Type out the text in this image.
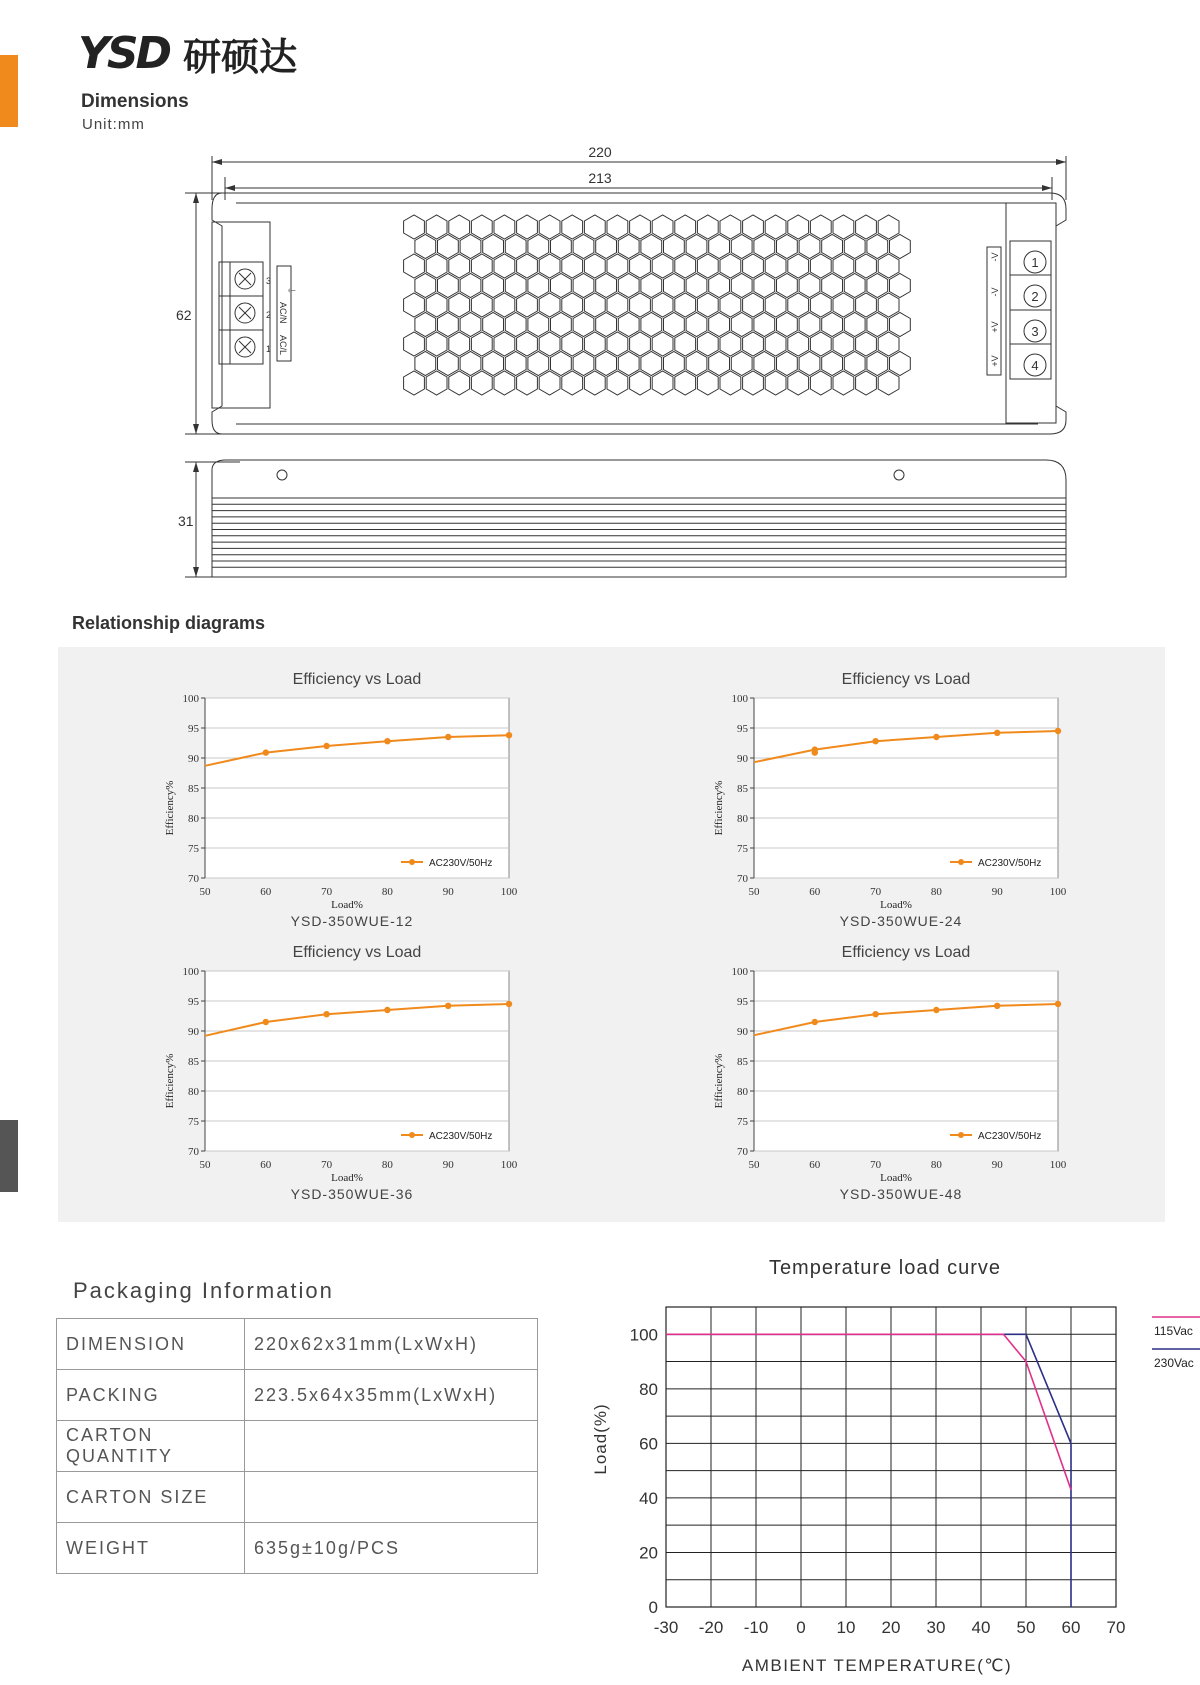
YSD 研硕达
Dimensions
Unit:mm
220
213
62
31
⏚
AC/N
AC/L
3
2
1
-V
-V
+V
+V
1
2
3
4
Relationship diagrams
70
75
80
85
90
95
100
50	60	70	80	90	100
Efficiency vs Load
Load%
Efficiency%
YSD-350WUE-12
AC230V/50Hz
70
75
80
85
90
95
100
50	60	70	80	90	100
Efficiency vs Load
Load%
Efficiency%
YSD-350WUE-24
AC230V/50Hz
70
75
80
85
90
95
100
50	60	70	80	90	100
Efficiency vs Load
Load%
Efficiency%
YSD-350WUE-36
AC230V/50Hz
70
75
80
85
90
95
100
50	60	70	80	90	100
Efficiency vs Load
Load%
Efficiency%
YSD-350WUE-48
AC230V/50Hz
Packaging Information
DIMENSION	220x62x31mm(LxWxH)
PACKING	223.5x64x35mm(LxWxH)
CARTON QUANTITY	
CARTON SIZE	
WEIGHT	635g±10g/PCS
Temperature load curve
-30 -20 -10 0 10 20 30 40 50 60 70
0
20
40
60
80
100
AMBIENT TEMPERATURE(℃)
Load(%)
115Vac
230Vac
